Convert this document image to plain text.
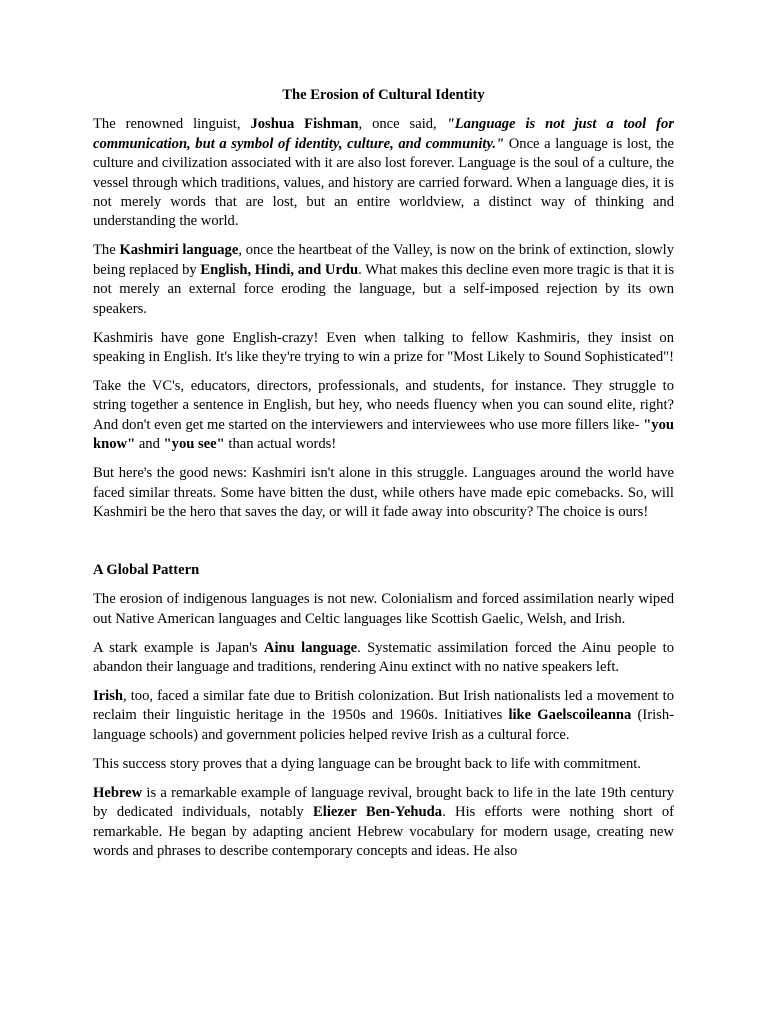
The Erosion of Cultural Identity

The renowned linguist, Joshua Fishman, once said, "Language is not just a tool for communication, but a symbol of identity, culture, and community." Once a language is lost, the culture and civilization associated with it are also lost forever. Language is the soul of a culture, the vessel through which traditions, values, and history are carried forward. When a language dies, it is not merely words that are lost, but an entire worldview, a distinct way of thinking and understanding the world.

The Kashmiri language, once the heartbeat of the Valley, is now on the brink of extinction, slowly being replaced by English, Hindi, and Urdu. What makes this decline even more tragic is that it is not merely an external force eroding the language, but a self-imposed rejection by its own speakers.

Kashmiris have gone English-crazy! Even when talking to fellow Kashmiris, they insist on speaking in English. It's like they're trying to win a prize for "Most Likely to Sound Sophisticated"!

Take the VC's, educators, directors, professionals, and students, for instance. They struggle to string together a sentence in English, but hey, who needs fluency when you can sound elite, right? And don't even get me started on the interviewers and interviewees who use more fillers like- "you know" and "you see" than actual words!

But here's the good news: Kashmiri isn't alone in this struggle. Languages around the world have faced similar threats. Some have bitten the dust, while others have made epic comebacks. So, will Kashmiri be the hero that saves the day, or will it fade away into obscurity? The choice is ours!

A Global Pattern

The erosion of indigenous languages is not new. Colonialism and forced assimilation nearly wiped out Native American languages and Celtic languages like Scottish Gaelic, Welsh, and Irish.

A stark example is Japan's Ainu language. Systematic assimilation forced the Ainu people to abandon their language and traditions, rendering Ainu extinct with no native speakers left.

Irish, too, faced a similar fate due to British colonization. But Irish nationalists led a movement to reclaim their linguistic heritage in the 1950s and 1960s. Initiatives like Gaelscoileanna (Irish-language schools) and government policies helped revive Irish as a cultural force.

This success story proves that a dying language can be brought back to life with commitment.

Hebrew is a remarkable example of language revival, brought back to life in the late 19th century by dedicated individuals, notably Eliezer Ben-Yehuda. His efforts were nothing short of remarkable. He began by adapting ancient Hebrew vocabulary for modern usage, creating new words and phrases to describe contemporary concepts and ideas. He also
